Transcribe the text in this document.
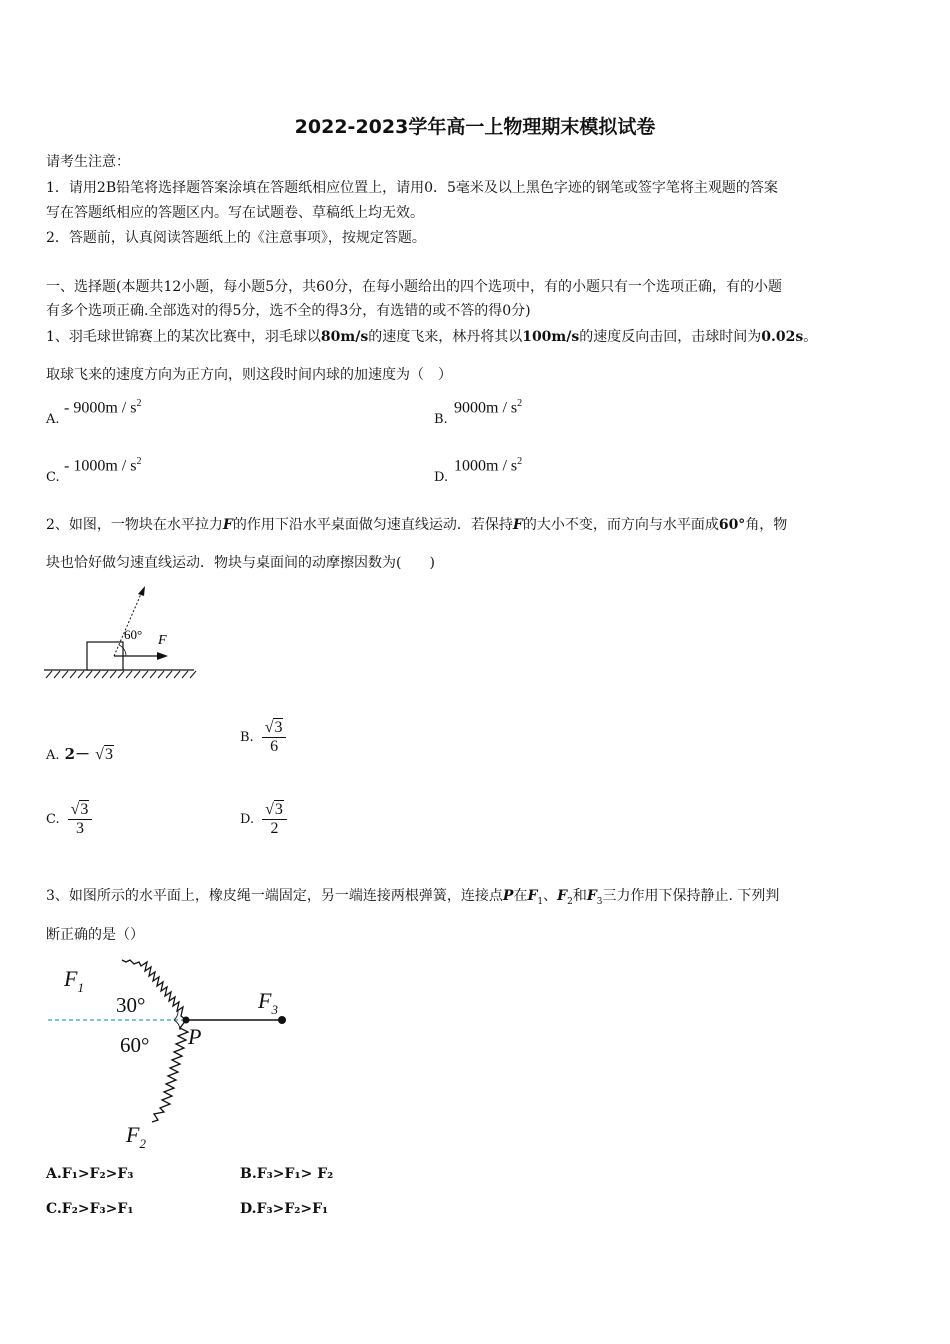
2022-2023学年高一上物理期末模拟试卷
请考生注意：
1．请用2B铅笔将选择题答案涂填在答题纸相应位置上，请用0．5毫米及以上黑色字迹的钢笔或签字笔将主观题的答案
写在答题纸相应的答题区内。写在试题卷、草稿纸上均无效。
2．答题前，认真阅读答题纸上的《注意事项》，按规定答题。
一、选择题(本题共12小题，每小题5分，共60分，在每小题给出的四个选项中，有的小题只有一个选项正确，有的小题
有多个选项正确.全部选对的得5分，选不全的得3分，有选错的或不答的得0分)
1、羽毛球世锦赛上的某次比赛中，羽毛球以80m/s的速度飞来，林丹将其以100m/s的速度反向击回，击球时间为0.02s。
取球飞来的速度方向为正方向，则这段时间内球的加速度为（　）
A.
- $9000m / s^2$
B.
$9000m / s^2$
C.
- $1000m / s^2$
D.
$1000m / s^2$
2、如图，一物块在水平拉力F的作用下沿水平桌面做匀速直线运动．若保持F的大小不变，而方向与水平面成60°角，物
块也恰好做匀速直线运动．物块与桌面间的动摩擦因数为(　　)
60° F
A. 2－ √ 3
B. $\frac{√ 3}{6}$
C. $\frac{√ 3}{3}$	D. $\frac{√ 3}{2}$
3、如图所示的水平面上，橡皮绳一端固定，另一端连接两根弹簧，连接点P在$F_1$、$F_2$和$F_3$三力作用下保持静止. 下列判
断正确的是（）
$F_1$
30°
60° P
$F_3$
$F_2$
A.F₁>F₂>F₃	B.F₃>F₁> F₂
C.F₂>F₃>F₁	D.F₃>F₂>F₁
